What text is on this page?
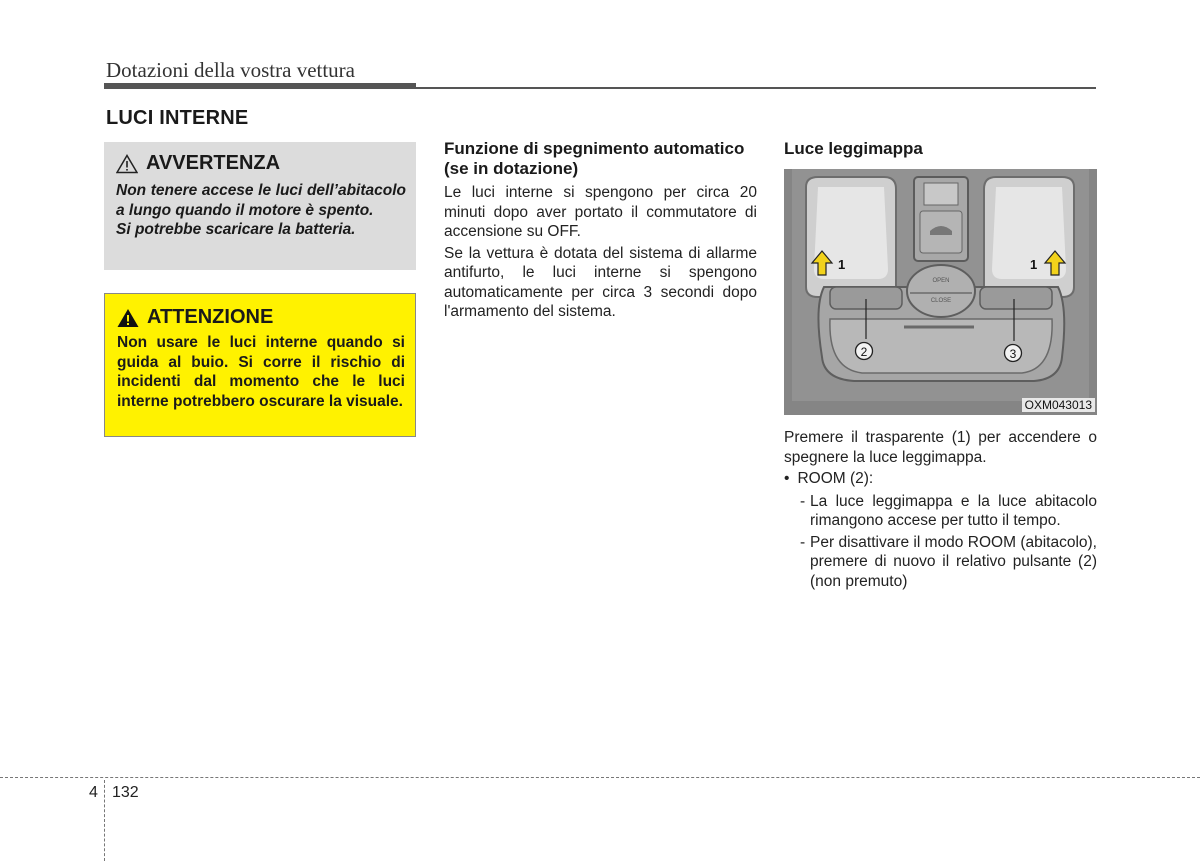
Dotazioni della vostra vettura
LUCI INTERNE
AVVERTENZA

Non tenere accese le luci dell’abitacolo a lungo quando il motore è spento.

Si potrebbe scaricare la batteria.

ATTENZIONE

Non usare le luci interne quando si guida al buio. Si corre il rischio di incidenti dal momento che le luci interne potrebbero oscurare la visuale.

Funzione di spegnimento automatico (se in dotazione)

Le luci interne si spengono per circa 20 minuti dopo aver portato il commutatore di accensione su OFF.

Se la vettura è dotata del sistema di allarme antifurto, le luci interne si spengono automaticamente per circa 3 secondi dopo l'armamento del sistema.

Luce leggimappa

OPEN
CLOSE
1	1
2	3
OXM043013

Premere il trasparente (1) per accendere o spegnere la luce leggimappa.

• ROOM (2):
- La luce leggimappa e la luce abitacolo rimangono accese per tutto il tempo.
- Per disattivare il modo ROOM (abitacolo), premere di nuovo il relativo pulsante (2) (non premuto)
4 132
